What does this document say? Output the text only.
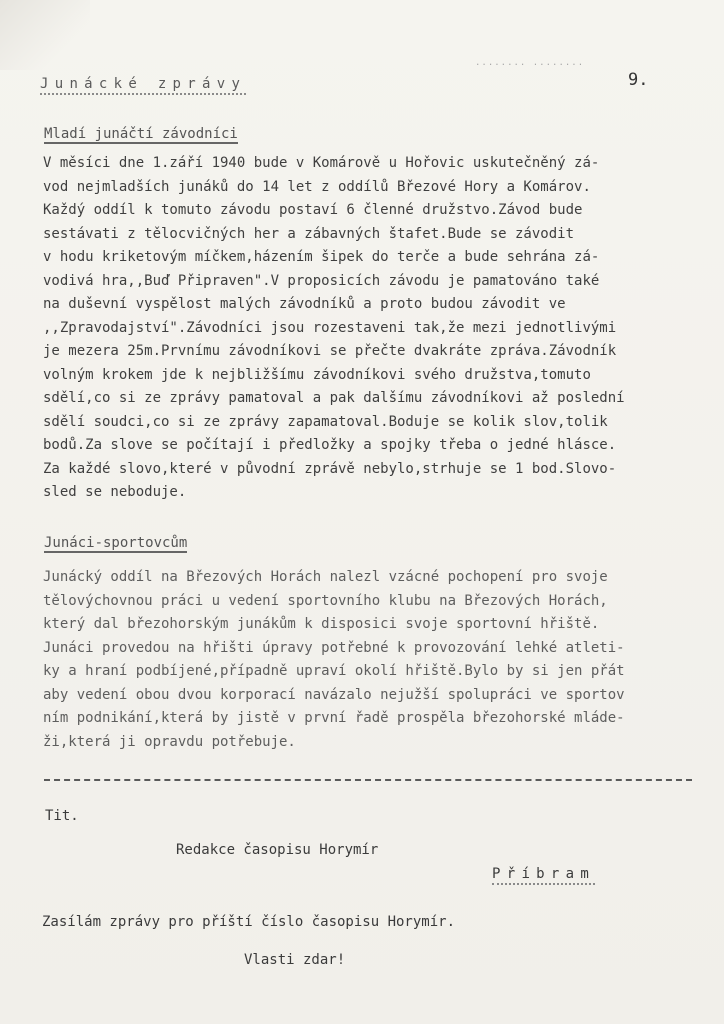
........ ........
Junácké zprávy	9.
Mladí junáčtí závodníci
V měsíci dne 1.září 1940 bude v Komárově u Hořovic uskutečněný zá-
vod nejmladších junáků do 14 let z oddílů Březové Hory a Komárov.
Každý oddíl k tomuto závodu postaví 6 členné družstvo.Závod bude
sestávati z tělocvičných her a zábavných štafet.Bude se závodit
v hodu kriketovým míčkem,házením šipek do terče a bude sehrána zá-
vodivá hra,,Buď Připraven".V proposicích závodu je pamatováno také
na duševní vyspělost malých závodníků a proto budou závodit ve
,,Zpravodajství".Závodníci jsou rozestaveni tak,že mezi jednotlivými
je mezera 25m.Prvnímu závodníkovi se přečte dvakráte zpráva.Závodník
volným krokem jde k nejbližšímu závodníkovi svého družstva,tomuto
sdělí,co si ze zprávy pamatoval a pak dalšímu závodníkovi až poslední
sdělí soudci,co si ze zprávy zapamatoval.Boduje se kolik slov,tolik
bodů.Za slove se počítají i předložky a spojky třeba o jedné hlásce.
Za každé slovo,které v původní zprávě nebylo,strhuje se 1 bod.Slovo-
sled se neboduje.
Junáci-sportovcům
Junácký oddíl na Březových Horách nalezl vzácné pochopení pro svoje
tělovýchovnou práci u vedení sportovního klubu na Březových Horách,
který dal březohorským junákům k disposici svoje sportovní hřiště.
Junáci provedou na hřišti úpravy potřebné k provozování lehké atleti-
ky a hraní podbíjené,případně upraví okolí hřiště.Bylo by si jen přát
aby vedení obou dvou korporací navázalo nejužší spolupráci ve sportov
ním podnikání,která by jistě v první řadě prospěla březohorské mláde-
ži,která ji opravdu potřebuje.
Tit.
Redakce časopisu Horymír
Příbram
Zasílám zprávy pro příští číslo časopisu Horymír.
Vlasti zdar!
